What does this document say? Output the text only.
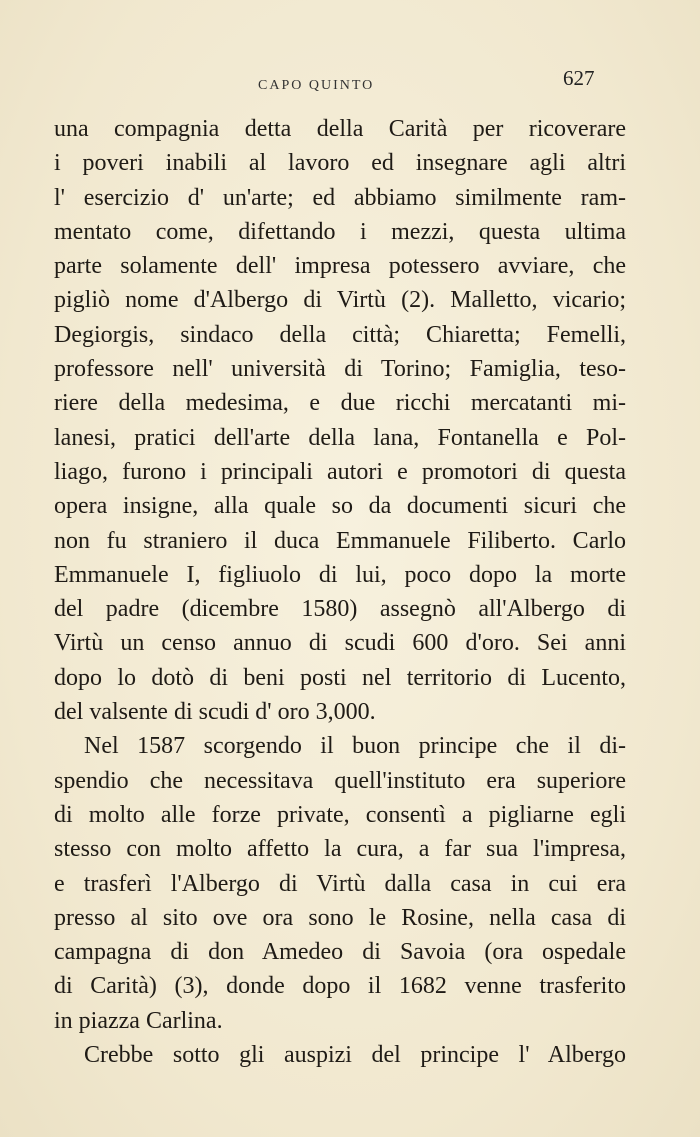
CAPO QUINTO	627
una compagnia detta della Carità per ricoverare
i poveri inabili al lavoro ed insegnare agli altri
l' esercizio d' un'arte; ed abbiamo similmente ram-
mentato come, difettando i mezzi, questa ultima
parte solamente dell' impresa potessero avviare, che
pigliò nome d'Albergo di Virtù (2). Malletto, vicario;
Degiorgis, sindaco della città; Chiaretta; Femelli,
professore nell' università di Torino; Famiglia, teso-
riere della medesima, e due ricchi mercatanti mi-
lanesi, pratici dell'arte della lana, Fontanella e Pol-
liago, furono i principali autori e promotori di questa
opera insigne, alla quale so da documenti sicuri che
non fu straniero il duca Emmanuele Filiberto. Carlo
Emmanuele I, figliuolo di lui, poco dopo la morte
del padre (dicembre 1580) assegnò all'Albergo di
Virtù un censo annuo di scudi 600 d'oro. Sei anni
dopo lo dotò di beni posti nel territorio di Lucento,
del valsente di scudi d' oro 3,000.
Nel 1587 scorgendo il buon principe che il di-
spendio che necessitava quell'instituto era superiore
di molto alle forze private, consentì a pigliarne egli
stesso con molto affetto la cura, a far sua l'impresa,
e trasferì l'Albergo di Virtù dalla casa in cui era
presso al sito ove ora sono le Rosine, nella casa di
campagna di don Amedeo di Savoia (ora ospedale
di Carità) (3), donde dopo il 1682 venne trasferito
in piazza Carlina.
Crebbe sotto gli auspizi del principe l' Albergo
